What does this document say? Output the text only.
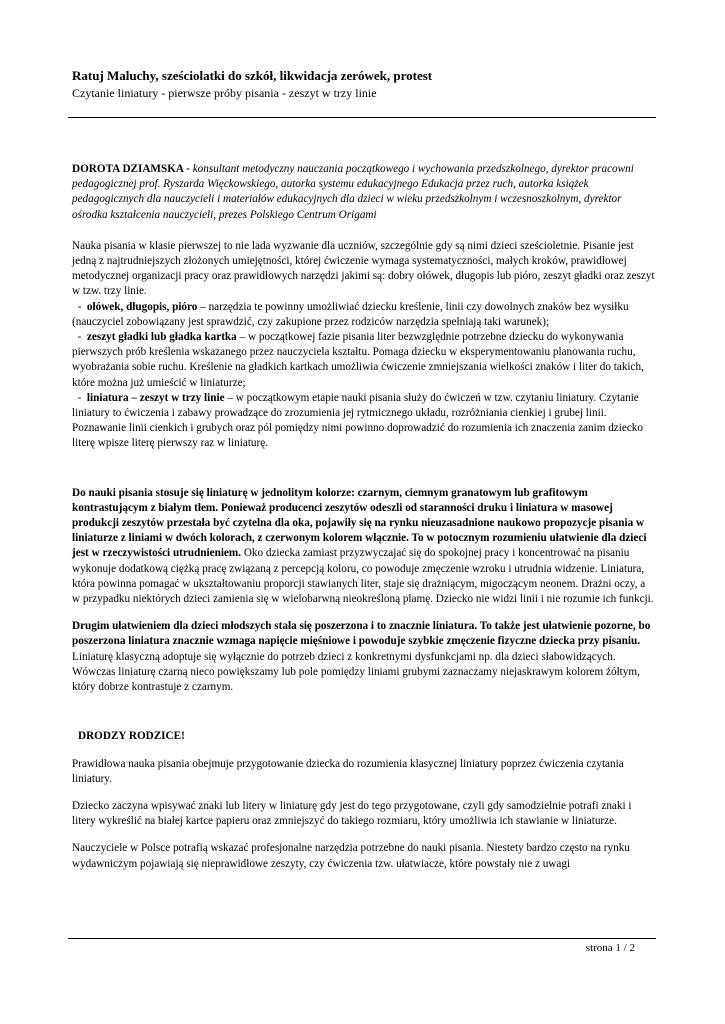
Ratuj Maluchy, sześciolatki do szkół, likwidacja zerówek, protest

Czytanie liniatury - pierwsze próby pisania - zeszyt w trzy linie

DOROTA DZIAMSKA - konsultant metodyczny nauczania początkowego i wychowania przedszkolnego, dyrektor pracowni pedagogicznej prof. Ryszarda Więckowskiego, autorka systemu edukacyjnego Edukacja przez ruch, autorka książek pedagogicznych dla nauczycieli i materiałów edukacyjnych dla dzieci w wieku przedszkolnym i wczesnoszkolnym, dyrektor ośrodka kształcenia nauczycieli, prezes Polskiego Centrum Origami

Nauka pisania w klasie pierwszej to nie lada wyzwanie dla uczniów, szczególnie gdy są nimi dzieci sześcioletnie. Pisanie jest jedną z najtrudniejszych złożonych umiejętności, której ćwiczenie wymaga systematyczności, małych kroków, prawidłowej metodycznej organizacji pracy oraz prawidłowych narzędzi jakimi są: dobry ołówek, długopis lub pióro, zeszyt gładki oraz zeszyt w tzw. trzy linie.

- ołówek, długopis, pióro – narzędzia te powinny umożliwiać dziecku kreślenie, linii czy dowolnych znaków bez wysiłku (nauczyciel zobowiązany jest sprawdzić, czy zakupione przez rodziców narzędzia spełniają taki warunek);

- zeszyt gładki lub gładka kartka – w początkowej fazie pisania liter bezwzględnie potrzebne dziecku do wykonywania pierwszych prób kreślenia wskazanego przez nauczyciela kształtu. Pomaga dziecku w eksperymentowaniu planowania ruchu, wyobrażania sobie ruchu. Kreślenie na gładkich kartkach umożliwia ćwiczenie zmniejszania wielkości znaków i liter do takich, które można już umieścić w liniaturze;

- liniatura – zeszyt w trzy linie – w początkowym etapie nauki pisania służy do ćwiczeń w tzw. czytaniu liniatury. Czytanie liniatury to ćwiczenia i zabawy prowadzące do zrozumienia jej rytmicznego układu, rozróżniania cienkiej i grubej linii. Poznawanie linii cienkich i grubych oraz pól pomiędzy nimi powinno doprowadzić do rozumienia ich znaczenia zanim dziecko literę wpisze literę pierwszy raz w liniaturę.

Do nauki pisania stosuje się liniaturę w jednolitym kolorze: czarnym, ciemnym granatowym lub grafitowym kontrastującym z białym tłem. Ponieważ producenci zeszytów odeszli od staranności druku i liniatura w masowej produkcji zeszytów przestała być czytelna dla oka, pojawiły się na rynku nieuzasadnione naukowo propozycje pisania w liniaturze z liniami w dwóch kolorach, z czerwonym kolorem włącznie. To w potocznym rozumieniu ułatwienie dla dzieci jest w rzeczywistości utrudnieniem. Oko dziecka zamiast przyzwyczajać się do spokojnej pracy i koncentrować na pisaniu wykonuje dodatkową ciężką pracę związaną z percepcją koloru, co powoduje zmęczenie wzroku i utrudnia widzenie. Liniatura, która powinna pomagać w ukształtowaniu proporcji stawianych liter, staje się drażniącym, migoczącym neonem. Drażni oczy, a w przypadku niektórych dzieci zamienia się w wielobarwną nieokreśloną plamę. Dziecko nie widzi linii i nie rozumie ich funkcji.

Drugim ułatwieniem dla dzieci młodszych stała się poszerzona i to znacznie liniatura. To także jest ułatwienie pozorne, bo poszerzona liniatura znacznie wzmaga napięcie mięśniowe i powoduje szybkie zmęczenie fizyczne dziecka przy pisaniu. Liniaturę klasyczną adoptuje się wyłącznie do potrzeb dzieci z konkretnymi dysfunkcjami np. dla dzieci słabowidzących. Wówczas liniaturę czarną nieco powiększamy lub pole pomiędzy liniami grubymi zaznaczamy niejaskrawym kolorem żółtym, który dobrze kontrastuje z czarnym.

DRODZY RODZICE!

Prawidłowa nauka pisania obejmuje przygotowanie dziecka do rozumienia klasycznej liniatury poprzez ćwiczenia czytania liniatury.

Dziecko zaczyna wpisywać znaki lub litery w liniaturę gdy jest do tego przygotowane, czyli gdy samodzielnie potrafi znaki i litery wykreślić na białej kartce papieru oraz zmniejszyć do takiego rozmiaru, który umożliwia ich stawianie w liniaturze.

Nauczyciele w Polsce potrafią wskazać profesjonalne narzędzia potrzebne do nauki pisania. Niestety bardzo często na rynku wydawniczym pojawiają się nieprawidłowe zeszyty, czy ćwiczenia tzw. ułatwiacze, które powstały nie z uwagi

strona 1 / 2
